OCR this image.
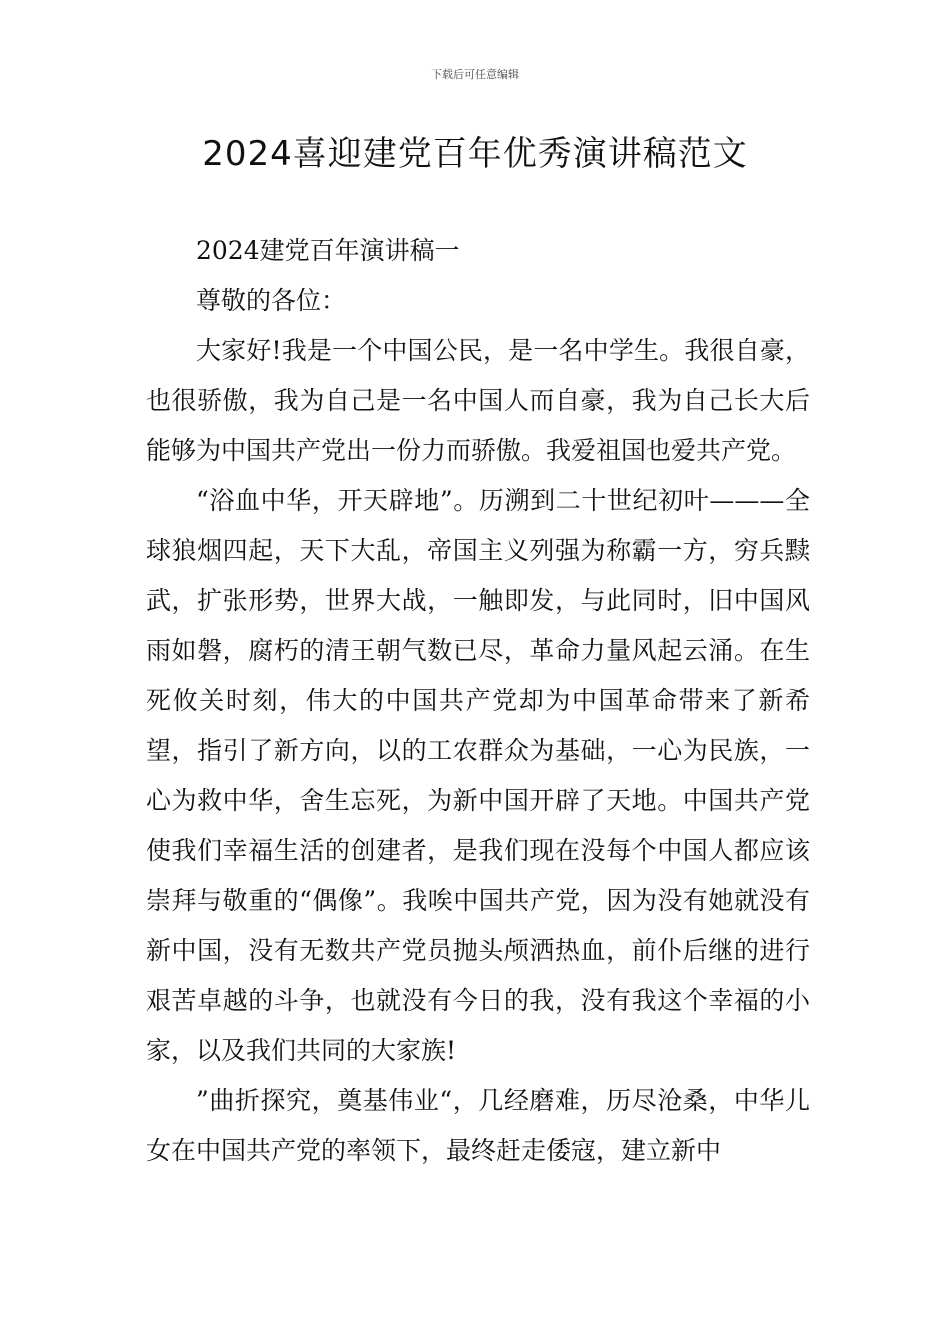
下载后可任意编辑
2024喜迎建党百年优秀演讲稿范文

2024建党百年演讲稿一

尊敬的各位：

大家好!我是一个中国公民，是一名中学生。我很自豪，也很骄傲，我为自己是一名中国人而自豪，我为自己长大后能够为中国共产党出一份力而骄傲。我爱祖国也爱共产党。

“浴血中华，开天辟地”。历溯到二十世纪初叶———全球狼烟四起，天下大乱，帝国主义列强为称霸一方，穷兵黩武，扩张形势，世界大战，一触即发，与此同时，旧中国风雨如磐，腐朽的清王朝气数已尽，革命力量风起云涌。在生死攸关时刻，伟大的中国共产党却为中国革命带来了新希望，指引了新方向，以的工农群众为基础，一心为民族，一心为救中华，舍生忘死，为新中国开辟了天地。中国共产党使我们幸福生活的创建者，是我们现在没每个中国人都应该崇拜与敬重的“偶像”。我唉中国共产党，因为没有她就没有新中国，没有无数共产党员抛头颅洒热血，前仆后继的进行艰苦卓越的斗争，也就没有今日的我，没有我这个幸福的小家，以及我们共同的大家族!

”曲折探究，奠基伟业“，几经磨难，历尽沧桑，中华儿女在中国共产党的率领下，最终赶走倭寇，建立新中
